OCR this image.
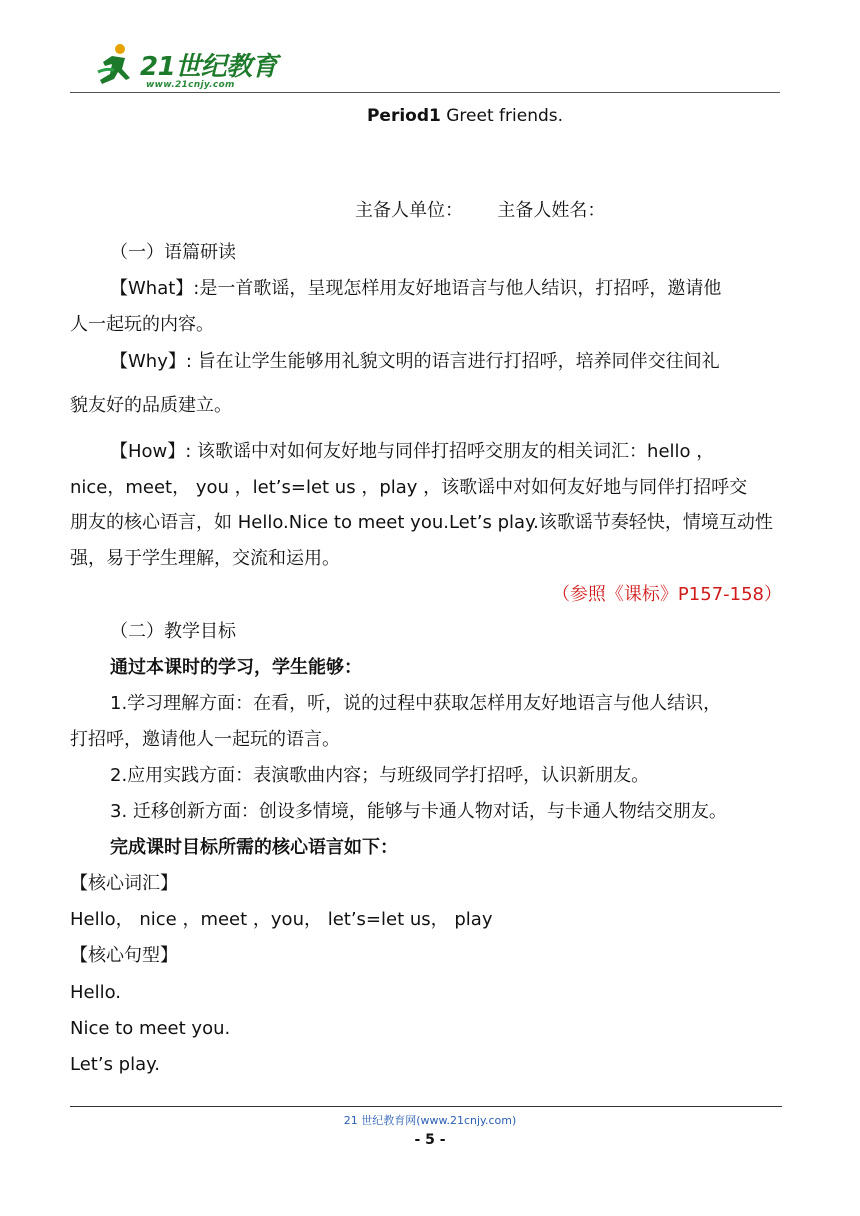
21世纪教育
www.21cnjy.com
Period1 Greet friends.
主备人单位：      主备人姓名：
（一）语篇研读
【What】:是一首歌谣，呈现怎样用友好地语言与他人结识，打招呼，邀请他
人一起玩的内容。
【Why】: 旨在让学生能够用礼貌文明的语言进行打招呼，培养同伴交往间礼
貌友好的品质建立。
【How】: 该歌谣中对如何友好地与同伴打招呼交朋友的相关词汇：hello ，
nice，meet， you ，let’s=let us ，play ，该歌谣中对如何友好地与同伴打招呼交
朋友的核心语言，如 Hello.Nice to meet you.Let’s play.该歌谣节奏轻快，情境互动性
强，易于学生理解，交流和运用。
（参照《课标》P157-158）
（二）教学目标
通过本课时的学习，学生能够：
1.学习理解方面：在看，听，说的过程中获取怎样用友好地语言与他人结识，
打招呼，邀请他人一起玩的语言。
2.应用实践方面：表演歌曲内容；与班级同学打招呼，认识新朋友。
3. 迁移创新方面：创设多情境，能够与卡通人物对话，与卡通人物结交朋友。
完成课时目标所需的核心语言如下：
【核心词汇】
Hello， nice ，meet ，you， let’s=let us， play
【核心句型】
Hello.
Nice to meet you.
Let’s play.
21 世纪教育网(www.21cnjy.com)
- 5 -
